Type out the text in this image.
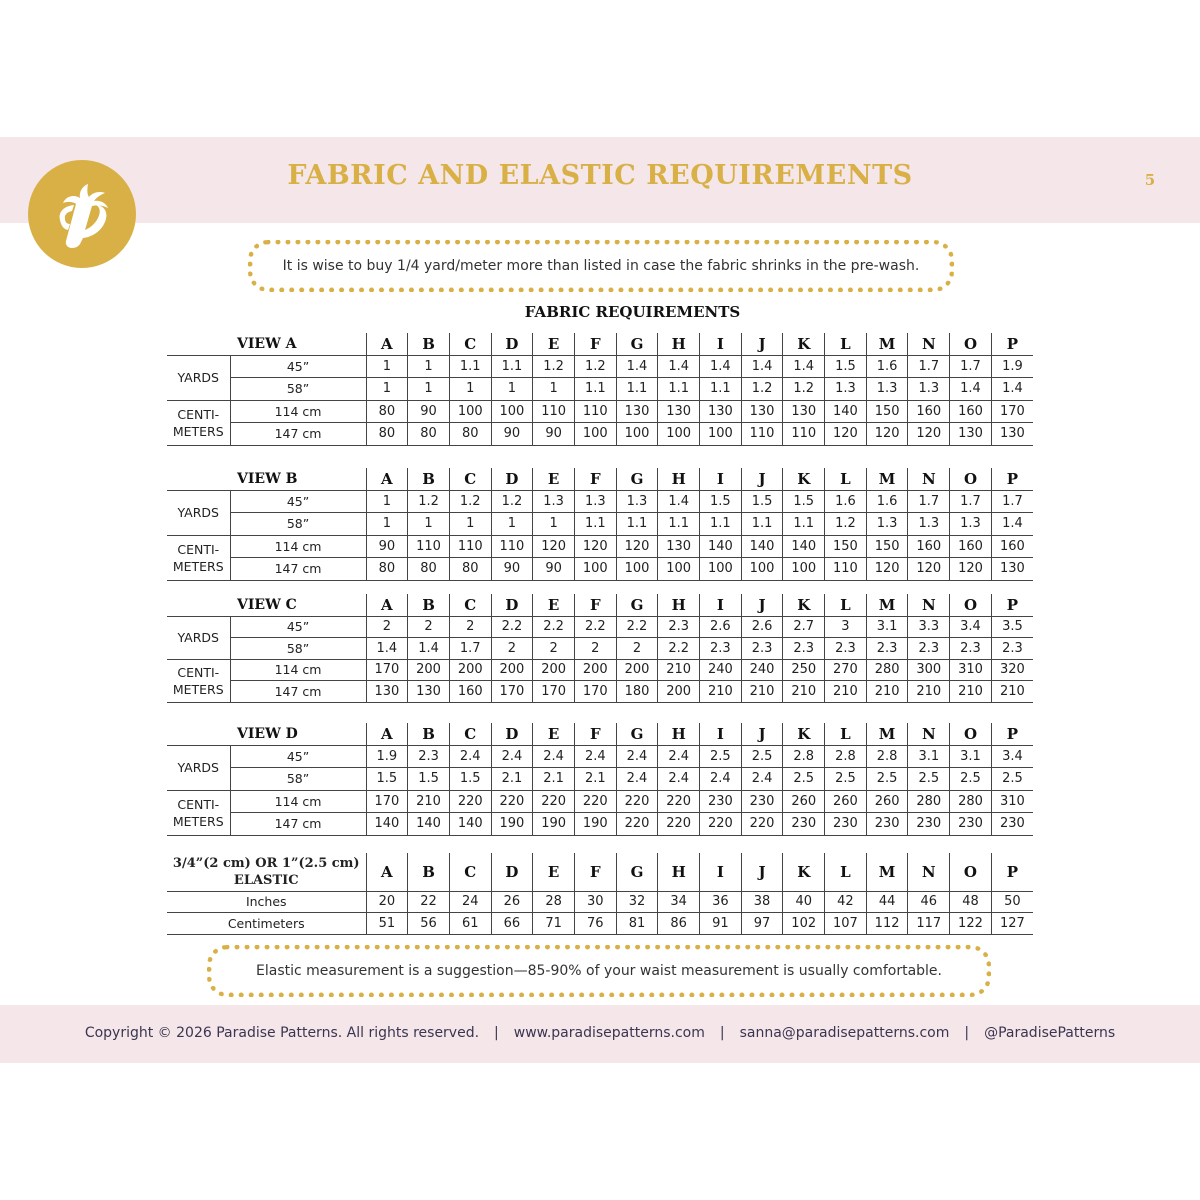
FABRIC AND ELASTIC REQUIREMENTS	5
It is wise to buy 1/4 yard/meter more than listed in case the fabric shrinks in the pre-wash.
FABRIC REQUIREMENTS
VIEW A		A	B	C	D	E	F	G	H	I	J	K	L	M	N	O	P

YARDS	45”	1	1	1.1	1.1	1.2	1.2	1.4	1.4	1.4	1.4	1.4	1.5	1.6	1.7	1.7	1.9
	58”	1	1	1	1	1	1.1	1.1	1.1	1.1	1.2	1.2	1.3	1.3	1.3	1.4	1.4

CENTI-
METERS	114 cm	80	90	100	100	110	110	130	130	130	130	130	140	150	160	160	170
	147 cm	80	80	80	90	90	100	100	100	100	110	110	120	120	120	130	130
VIEW B		A	B	C	D	E	F	G	H	I	J	K	L	M	N	O	P

YARDS	45”	1	1.2	1.2	1.2	1.3	1.3	1.3	1.4	1.5	1.5	1.5	1.6	1.6	1.7	1.7	1.7
	58”	1	1	1	1	1	1.1	1.1	1.1	1.1	1.1	1.1	1.2	1.3	1.3	1.3	1.4

CENTI-
METERS	114 cm	90	110	110	110	120	120	120	130	140	140	140	150	150	160	160	160
	147 cm	80	80	80	90	90	100	100	100	100	100	100	110	120	120	120	130
VIEW C		A	B	C	D	E	F	G	H	I	J	K	L	M	N	O	P

YARDS	45”	2	2	2	2.2	2.2	2.2	2.2	2.3	2.6	2.6	2.7	3	3.1	3.3	3.4	3.5
	58”	1.4	1.4	1.7	2	2	2	2	2.2	2.3	2.3	2.3	2.3	2.3	2.3	2.3	2.3

CENTI-
METERS	114 cm	170	200	200	200	200	200	200	210	240	240	250	270	280	300	310	320
	147 cm	130	130	160	170	170	170	180	200	210	210	210	210	210	210	210	210
VIEW D		A	B	C	D	E	F	G	H	I	J	K	L	M	N	O	P

YARDS	45”	1.9	2.3	2.4	2.4	2.4	2.4	2.4	2.4	2.5	2.5	2.8	2.8	2.8	3.1	3.1	3.4
	58”	1.5	1.5	1.5	2.1	2.1	2.1	2.4	2.4	2.4	2.4	2.5	2.5	2.5	2.5	2.5	2.5

CENTI-
METERS	114 cm	170	210	220	220	220	220	220	220	230	230	260	260	260	280	280	310
	147 cm	140	140	140	190	190	190	220	220	220	220	230	230	230	230	230	230
3/4”(2 cm) OR 1”(2.5 cm)
ELASTIC	A	B	C	D	E	F	G	H	I	J	K	L	M	N	O	P
Inches	20	22	24	26	28	30	32	34	36	38	40	42	44	46	48	50
Centimeters	51	56	61	66	71	76	81	86	91	97	102	107	112	117	122	127
Elastic measurement is a suggestion—85-90% of your waist measurement is usually comfortable.
Copyright © 2026 Paradise Patterns. All rights reserved. | www.paradisepatterns.com | sanna@paradisepatterns.com | @ParadisePatterns
